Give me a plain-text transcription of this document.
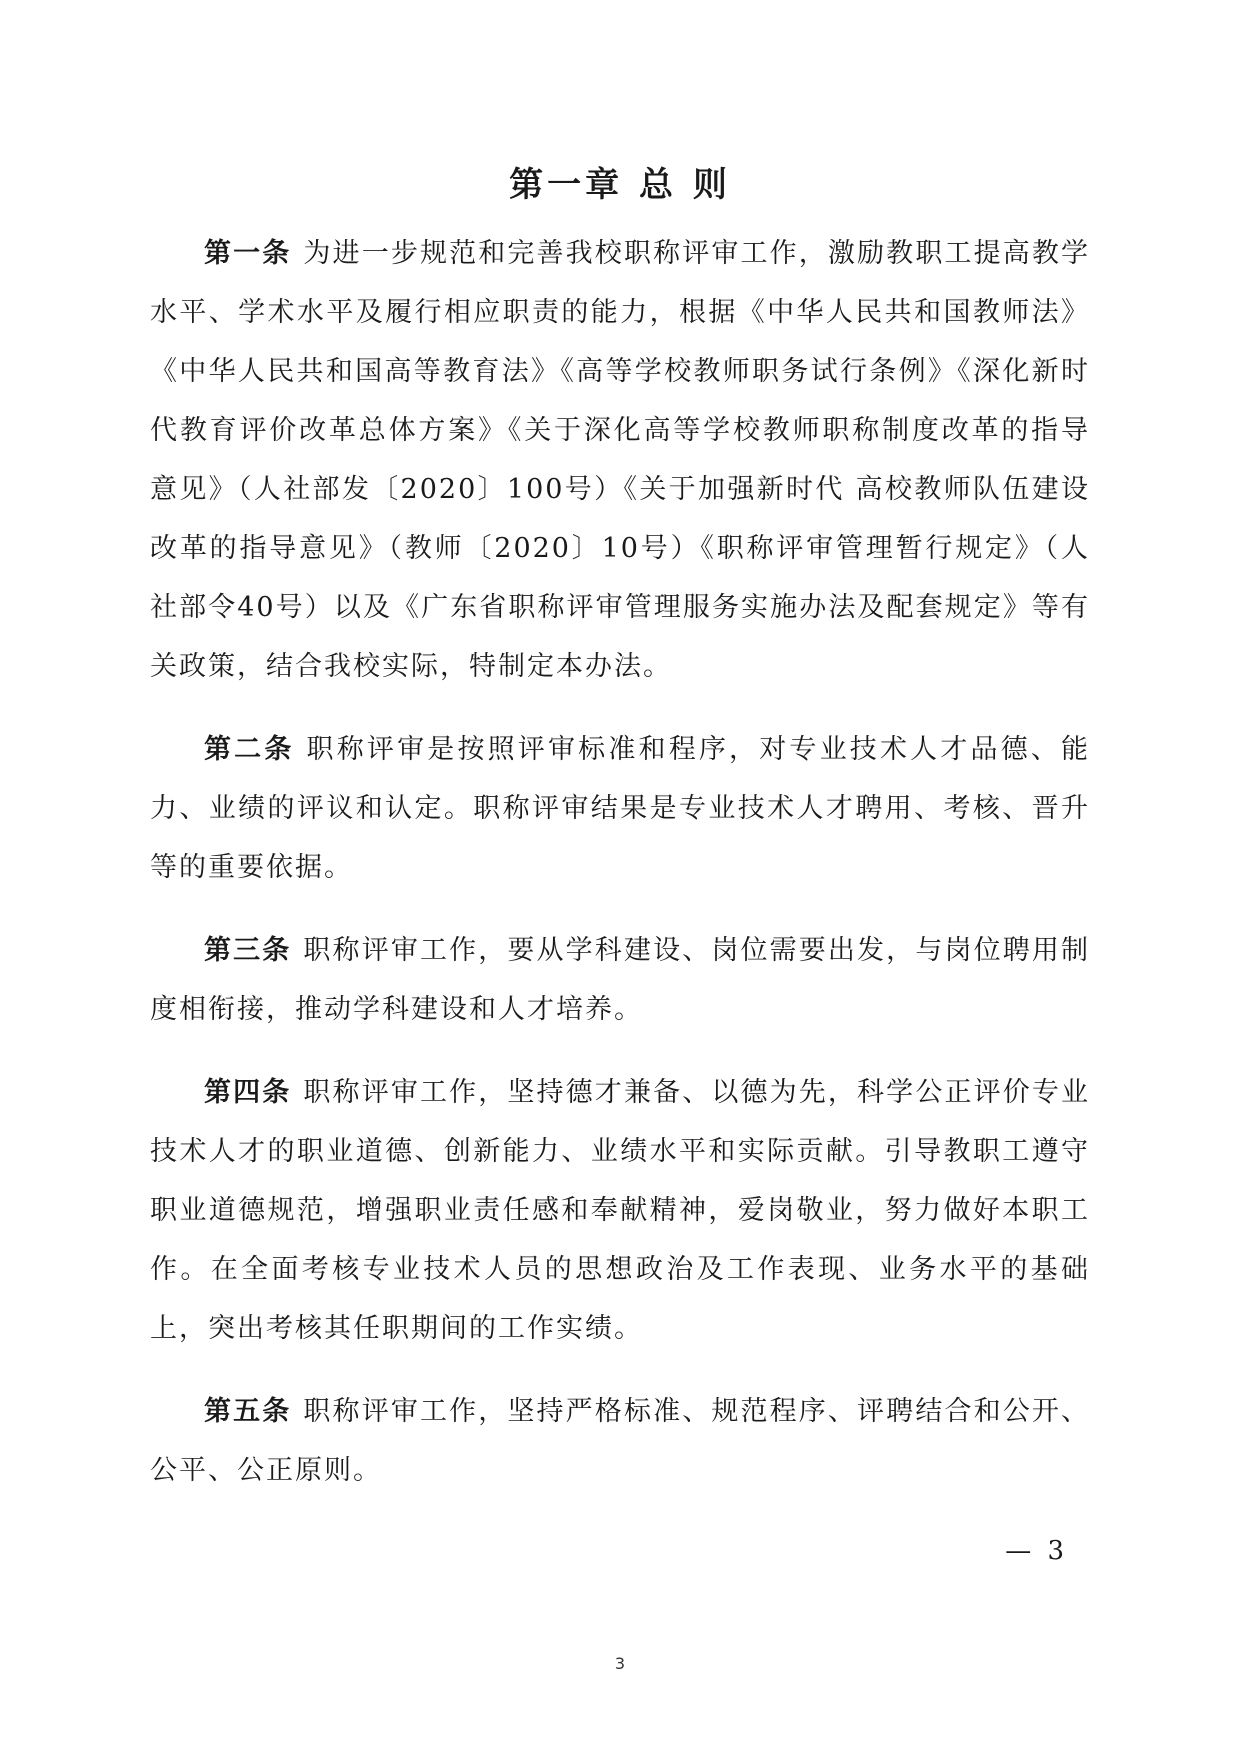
第一章 总 则

第一条 为进一步规范和完善我校职称评审工作，激励教职工提高教学水平、学术水平及履行相应职责的能力，根据《中华人民共和国教师法》《中华人民共和国高等教育法》《高等学校教师职务试行条例》《深化新时代教育评价改革总体方案》《关于深化高等学校教师职称制度改革的指导意见》（人社部发〔2020〕100号）《关于加强新时代 高校教师队伍建设改革的指导意见》（教师〔2020〕10号）《职称评审管理暂行规定》（人社部令40号）以及《广东省职称评审管理服务实施办法及配套规定》等有关政策，结合我校实际，特制定本办法。

第二条 职称评审是按照评审标准和程序，对专业技术人才品德、能力、业绩的评议和认定。职称评审结果是专业技术人才聘用、考核、晋升等的重要依据。

第三条 职称评审工作，要从学科建设、岗位需要出发，与岗位聘用制度相衔接，推动学科建设和人才培养。

第四条 职称评审工作，坚持德才兼备、以德为先，科学公正评价专业技术人才的职业道德、创新能力、业绩水平和实际贡献。引导教职工遵守职业道德规范，增强职业责任感和奉献精神，爱岗敬业，努力做好本职工作。在全面考核专业技术人员的思想政治及工作表现、业务水平的基础上，突出考核其任职期间的工作实绩。

第五条 职称评审工作，坚持严格标准、规范程序、评聘结合和公开、公平、公正原则。

— 3
3
